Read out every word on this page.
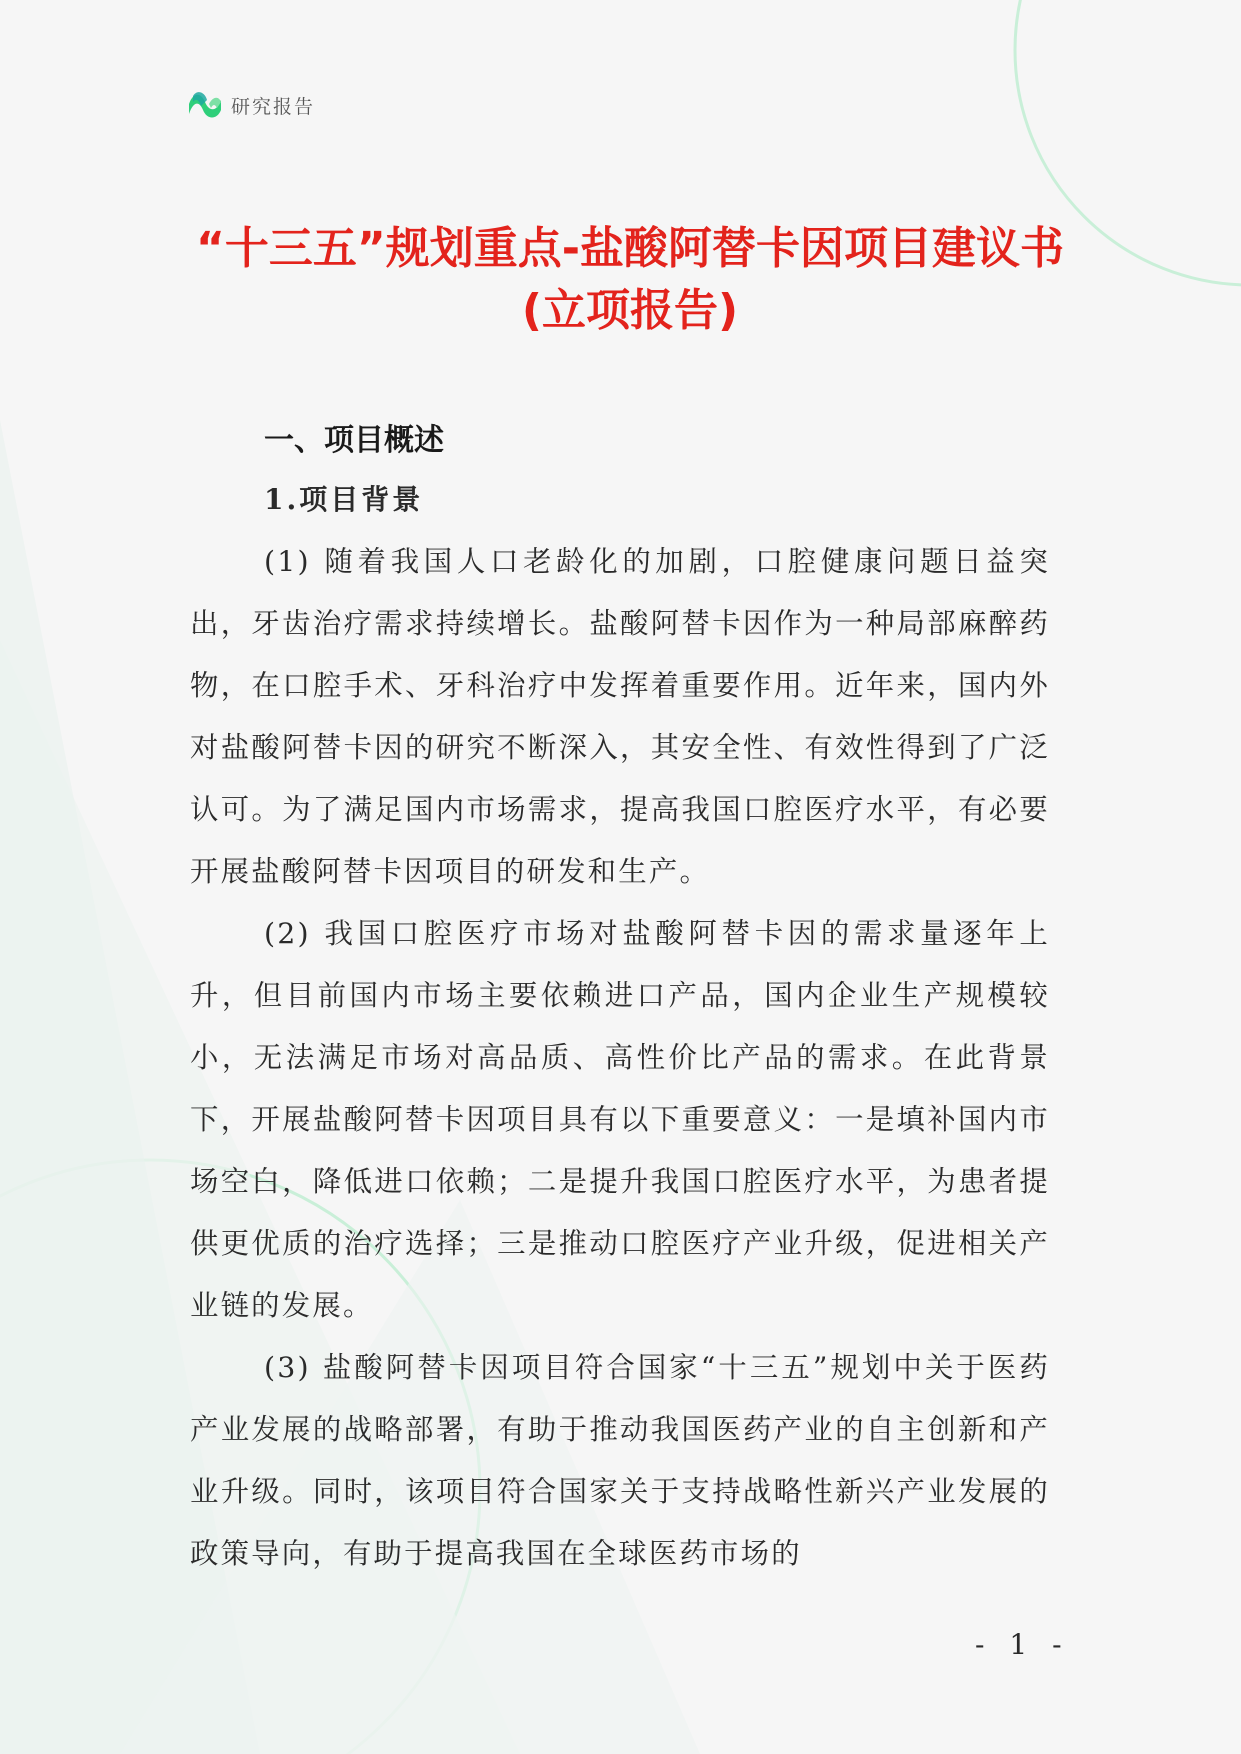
研究报告
“十三五”规划重点-盐酸阿替卡因项目建议书(立项报告)
一、项目概述
1.项目背景

(1) 随着我国人口老龄化的加剧，口腔健康问题日益突出，牙齿治疗需求持续增长。盐酸阿替卡因作为一种局部麻醉药物，在口腔手术、牙科治疗中发挥着重要作用。近年来，国内外对盐酸阿替卡因的研究不断深入，其安全性、有效性得到了广泛认可。为了满足国内市场需求，提高我国口腔医疗水平，有必要开展盐酸阿替卡因项目的研发和生产。

(2) 我国口腔医疗市场对盐酸阿替卡因的需求量逐年上升，但目前国内市场主要依赖进口产品，国内企业生产规模较小，无法满足市场对高品质、高性价比产品的需求。在此背景下，开展盐酸阿替卡因项目具有以下重要意义：一是填补国内市场空白，降低进口依赖；二是提升我国口腔医疗水平，为患者提供更优质的治疗选择；三是推动口腔医疗产业升级，促进相关产业链的发展。

(3) 盐酸阿替卡因项目符合国家“十三五”规划中关于医药产业发展的战略部署，有助于推动我国医药产业的自主创新和产业升级。同时，该项目符合国家关于支持战略性新兴产业发展的政策导向，有助于提高我国在全球医药市场的

- 1 -
